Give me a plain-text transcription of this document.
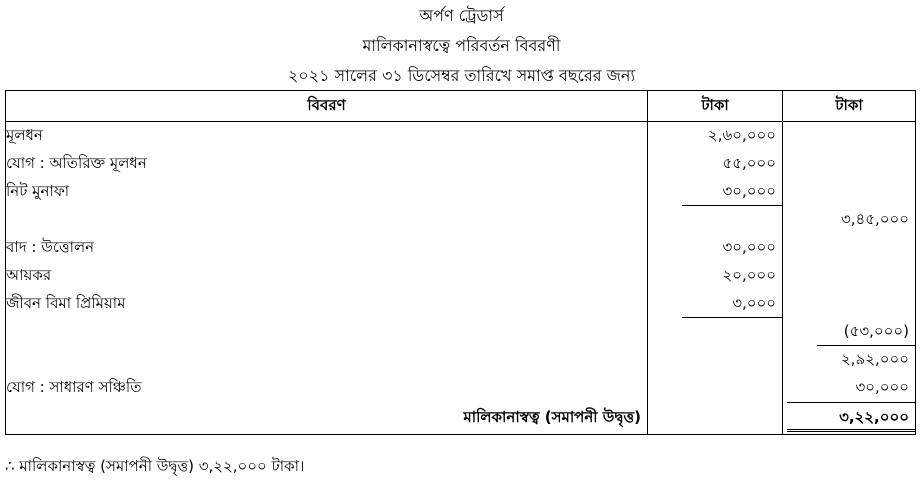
অর্পণ ট্রেডার্স
মালিকানাস্বত্বে পরিবর্তন বিবরণী
২০২১ সালের ৩১ ডিসেম্বর তারিখে সমাপ্ত বছরের জন্য
বিবরণ	টাকা	টাকা
মূলধন	২,৬০,০০০	

যোগ : অতিরিক্ত মূলধন	৫৫,০০০	

নিট মুনাফা	৩০,০০০	

		৩,৪৫,০০০

বাদ : উত্তোলন	৩০,০০০	

আয়কর	২০,০০০	

জীবন বিমা প্রিমিয়াম	৩,০০০	

		(৫৩,০০০)

		২,৯২,০০০

যোগ : সাধারণ সঞ্চিতি		৩০,০০০

মালিকানাস্বত্ব (সমাপনী উদ্বৃত্ত)		৩,২২,০০০
∴ মালিকানাস্বত্ব (সমাপনী উদ্বৃত্ত) ৩,২২,০০০ টাকা।
